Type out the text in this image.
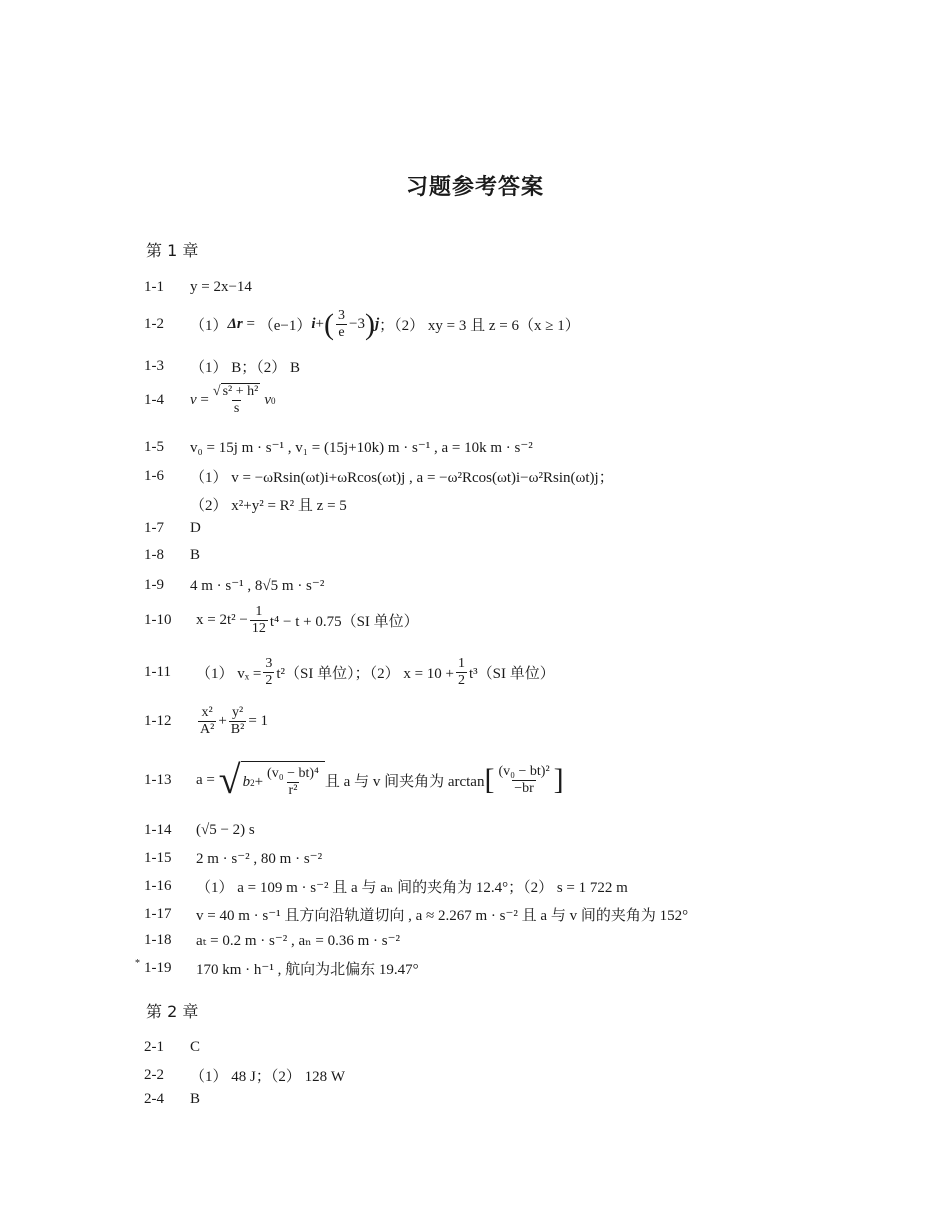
习题参考答案
第 1 章
1-1	y = 2x−14
1-2	（1） Δr = （e−1） i + ( $\frac{3}{e} -3$ ) j ；（2） xy = 3 且 z = 6（x ≥ 1）
1-3	（1） B；（2） B
1-4	$v = \frac{\text{√ s² + h²}}{s}$ v 0
1-5	v₀ = 15j m · s⁻¹ , v₁ = (15j+10k) m · s⁻¹ , a = 10k m · s⁻²
1-6	（1） v = −ωRsin(ωt)i+ωRcos(ωt)j , a = −ω²Rcos(ωt)i−ω²Rsin(ωt)j；
（2） x²+y² = R² 且 z = 5
1-7	D
1-8	B
1-9	4 m · s⁻¹ , 8√5 m · s⁻²
1-10	$x = 2t^2 - \frac{1}{12} t^4 - t + 0.75(SI$ 单位）
1-11	（1） $v_x = \frac{3}{2} t^2(SI$ 单位）；（2） $x = 10 + \frac{1}{2} t^3(SI$ 单位）
1-12	$\frac{\text{x²}}{\text{A²}} + \frac{\text{y²}}{\text{B²}} = 1$
1-13	a =
√ b $2 + \frac{\text{(v₀ − bt)⁴}}{\text{r²}}$ 且 a 与 v 间夹角为 arctan [ $\frac{\text{(v₀ − bt)²}}{-br}$ ]
1-14	(√5 − 2) s
1-15	2 m · s⁻² , 80 m · s⁻²
1-16	（1） a = 109 m · s⁻² 且 a 与 aₙ 间的夹角为 12.4°；（2） s = 1 722 m
1-17	v = 40 m · s⁻¹ 且方向沿轨道切向 , a ≈ 2.267 m · s⁻² 且 a 与 v 间的夹角为 152°
1-18	aₜ = 0.2 m · s⁻² , aₙ = 0.36 m · s⁻²
* 1-19	170 km · h⁻¹ , 航向为北偏东 19.47°
第 2 章
2-1	C
2-2	（1） 48 J；（2） 128 W
2-4	B
